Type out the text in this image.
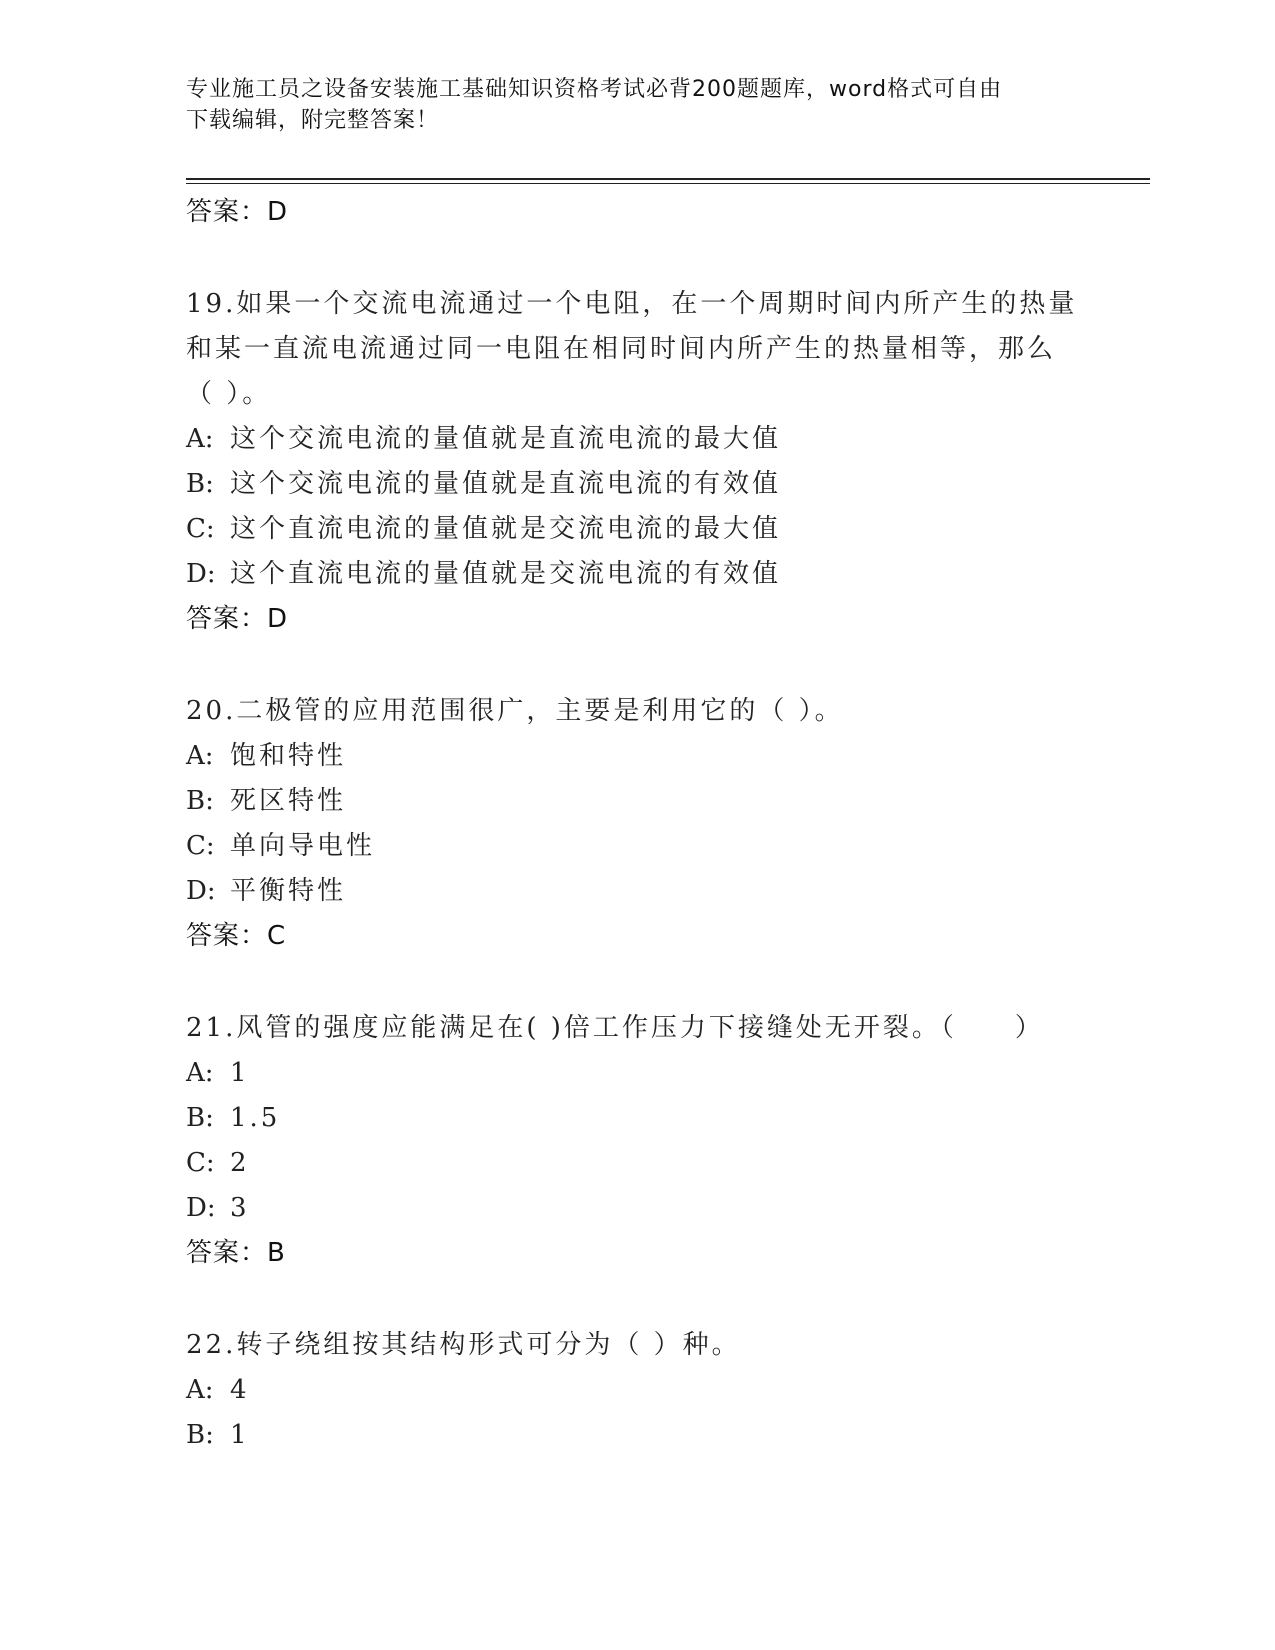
专业施工员之设备安装施工基础知识资格考试必背200题题库，word格式可自由
下载编辑，附完整答案！
答案：D
19.如果一个交流电流通过一个电阻，在一个周期时间内所产生的热量
和某一直流电流通过同一电阻在相同时间内所产生的热量相等，那么
（ ）。
A: 这个交流电流的量值就是直流电流的最大值
B: 这个交流电流的量值就是直流电流的有效值
C: 这个直流电流的量值就是交流电流的最大值
D: 这个直流电流的量值就是交流电流的有效值
答案：D
20.二极管的应用范围很广，主要是利用它的（ ）。
A: 饱和特性
B: 死区特性
C: 单向导电性
D: 平衡特性
答案：C
21.风管的强度应能满足在( )倍工作压力下接缝处无开裂。（　　）
A: 1
B: 1.5
C: 2
D: 3
答案：B
22.转子绕组按其结构形式可分为（ ）种。
A: 4
B: 1
